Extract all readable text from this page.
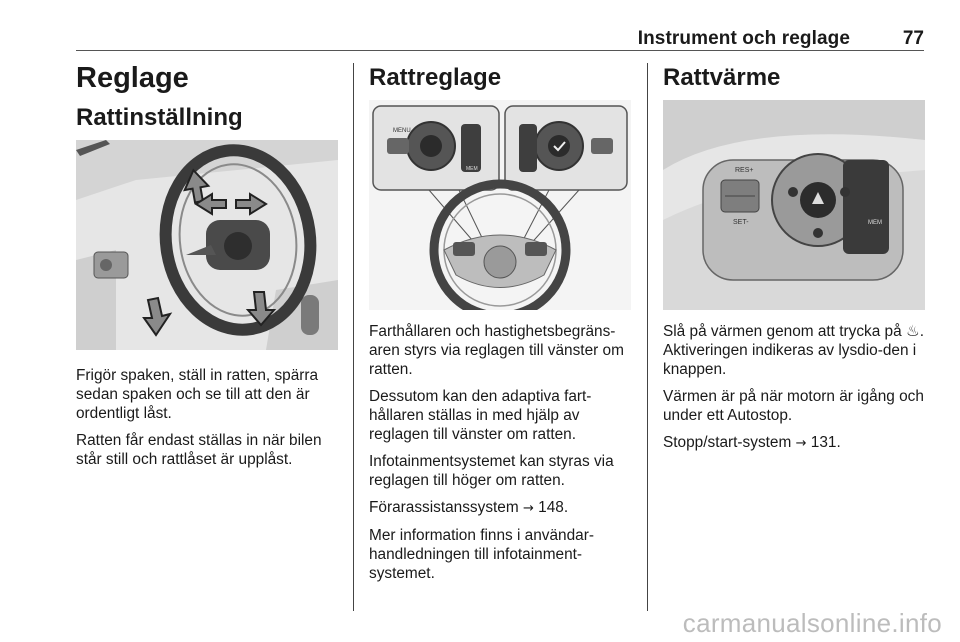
Instrument och reglage	77
Reglage
Rattinställning

Frigör spaken, ställ in ratten, spärra sedan spaken och se till att den är ordentligt låst.

Ratten får endast ställas in när bilen står still och rattlåset är upplåst.

Rattreglage
MENU
MEM

Farthållaren och hastighetsbegräns-aren styrs via reglagen till vänster om ratten.

Dessutom kan den adaptiva fart-hållaren ställas in med hjälp av reglagen till vänster om ratten.

Infotainmentsystemet kan styras via reglagen till höger om ratten.

Förarassistanssystem → 148.

Mer information finns i användar-handledningen till infotainment-systemet.

Rattvärme
RES+
SET-	MEM

Slå på värmen genom att trycka på ♨. Aktiveringen indikeras av lysdio-den i knappen.

Värmen är på när motorn är igång och under ett Autostop.

Stopp/start-system → 131.

carmanualsonline.info
